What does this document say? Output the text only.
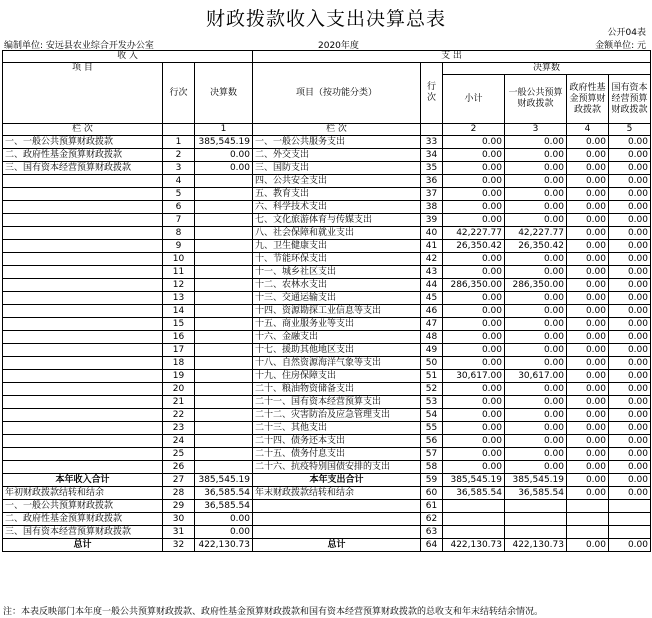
财政拨款收入支出决算总表
公开04表
编制单位: 安远县农业综合开发办公室	2020年度	金额单位: 元
收 入			支 出					
项 目	行次	决算数	项目（按功能分类）	行次	决算数			
					小计	一般公共预算财政拨款	政府性基金预算财政拨款	国有资本经营预算财政拨款

栏 次		1	栏 次		2	3	4	5
一、一般公共预算财政拨款	1	385,545.19	一、一般公共服务支出	33	0.00	0.00	0.00	0.00
二、政府性基金预算财政拨款	2	0.00	二、外交支出	34	0.00	0.00	0.00	0.00
三、国有资本经营预算财政拨款	3	0.00	三、国防支出	35	0.00	0.00	0.00	0.00
	4		四、公共安全支出	36	0.00	0.00	0.00	0.00
	5		五、教育支出	37	0.00	0.00	0.00	0.00
	6		六、科学技术支出	38	0.00	0.00	0.00	0.00
	7		七、文化旅游体育与传媒支出	39	0.00	0.00	0.00	0.00
	8		八、社会保障和就业支出	40	42,227.77	42,227.77	0.00	0.00
	9		九、卫生健康支出	41	26,350.42	26,350.42	0.00	0.00
	10		十、节能环保支出	42	0.00	0.00	0.00	0.00
	11		十一、城乡社区支出	43	0.00	0.00	0.00	0.00
	12		十二、农林水支出	44	286,350.00	286,350.00	0.00	0.00
	13		十三、交通运输支出	45	0.00	0.00	0.00	0.00
	14		十四、资源勘探工业信息等支出	46	0.00	0.00	0.00	0.00
	15		十五、商业服务业等支出	47	0.00	0.00	0.00	0.00
	16		十六、金融支出	48	0.00	0.00	0.00	0.00
	17		十七、援助其他地区支出	49	0.00	0.00	0.00	0.00
	18		十八、自然资源海洋气象等支出	50	0.00	0.00	0.00	0.00
	19		十九、住房保障支出	51	30,617.00	30,617.00	0.00	0.00
	20		二十、粮油物资储备支出	52	0.00	0.00	0.00	0.00
	21		二十一、国有资本经营预算支出	53	0.00	0.00	0.00	0.00
	22		二十二、灾害防治及应急管理支出	54	0.00	0.00	0.00	0.00
	23		二十三、其他支出	55	0.00	0.00	0.00	0.00
	24		二十四、债务还本支出	56	0.00	0.00	0.00	0.00
	25		二十五、债务付息支出	57	0.00	0.00	0.00	0.00
	26		二十六、抗疫特别国债安排的支出	58	0.00	0.00	0.00	0.00
本年收入合计	27	385,545.19	本年支出合计	59	385,545.19	385,545.19	0.00	0.00
年初财政拨款结转和结余	28	36,585.54	年末财政拨款结转和结余	60	36,585.54	36,585.54	0.00	0.00
一、一般公共预算财政拨款	29	36,585.54		61				
二、政府性基金预算财政拨款	30	0.00		62				
三、国有资本经营预算财政拨款	31	0.00		63				
总计	32	422,130.73	总计	64	422,130.73	422,130.73	0.00	0.00
注：本表反映部门本年度一般公共预算财政拨款、政府性基金预算财政拨款和国有资本经营预算财政拨款的总收支和年末结转结余情况。
